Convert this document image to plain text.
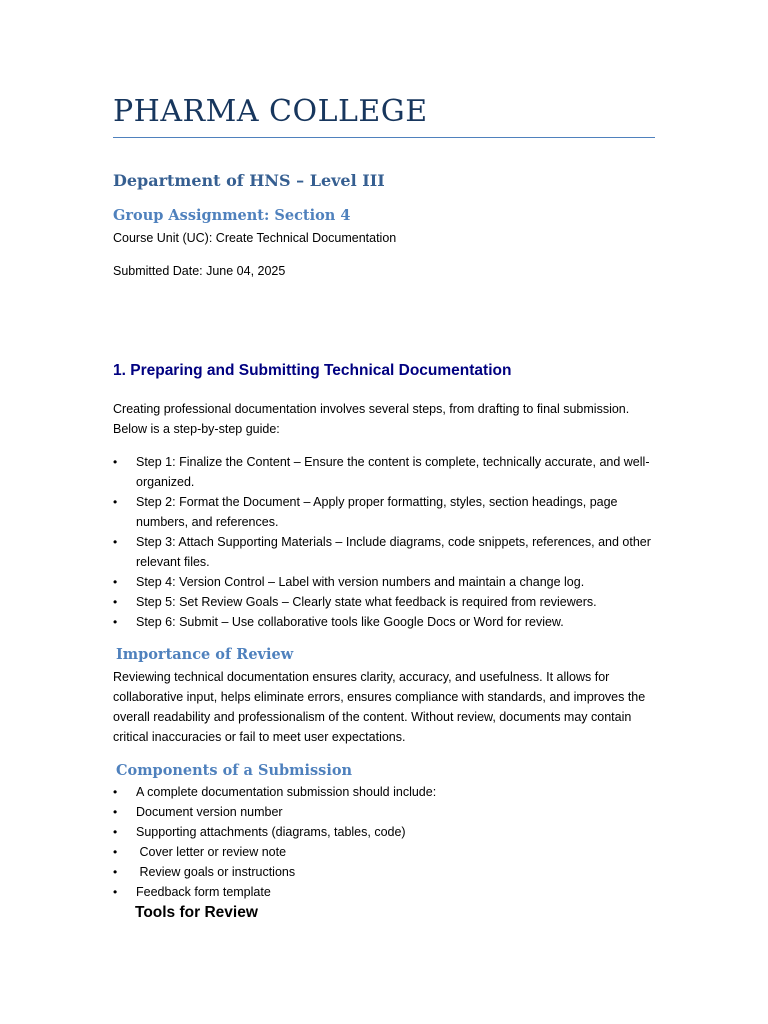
PHARMA COLLEGE
Department of HNS – Level III
Group Assignment: Section 4
Course Unit (UC): Create Technical Documentation
Submitted Date: June 04, 2025
1. Preparing and Submitting Technical Documentation
Creating professional documentation involves several steps, from drafting to final submission. Below is a step-by-step guide:
• Step 1: Finalize the Content – Ensure the content is complete, technically accurate, and well-organized.
• Step 2: Format the Document – Apply proper formatting, styles, section headings, page numbers, and references.
• Step 3: Attach Supporting Materials – Include diagrams, code snippets, references, and other relevant files.
• Step 4: Version Control – Label with version numbers and maintain a change log.
• Step 5: Set Review Goals – Clearly state what feedback is required from reviewers.
• Step 6: Submit – Use collaborative tools like Google Docs or Word for review.
Importance of Review
Reviewing technical documentation ensures clarity, accuracy, and usefulness. It allows for collaborative input, helps eliminate errors, ensures compliance with standards, and improves the overall readability and professionalism of the content. Without review, documents may contain critical inaccuracies or fail to meet user expectations.
Components of a Submission
• A complete documentation submission should include:
• Document version number
• Supporting attachments (diagrams, tables, code)
• Cover letter or review note
• Review goals or instructions
• Feedback form template
Tools for Review
